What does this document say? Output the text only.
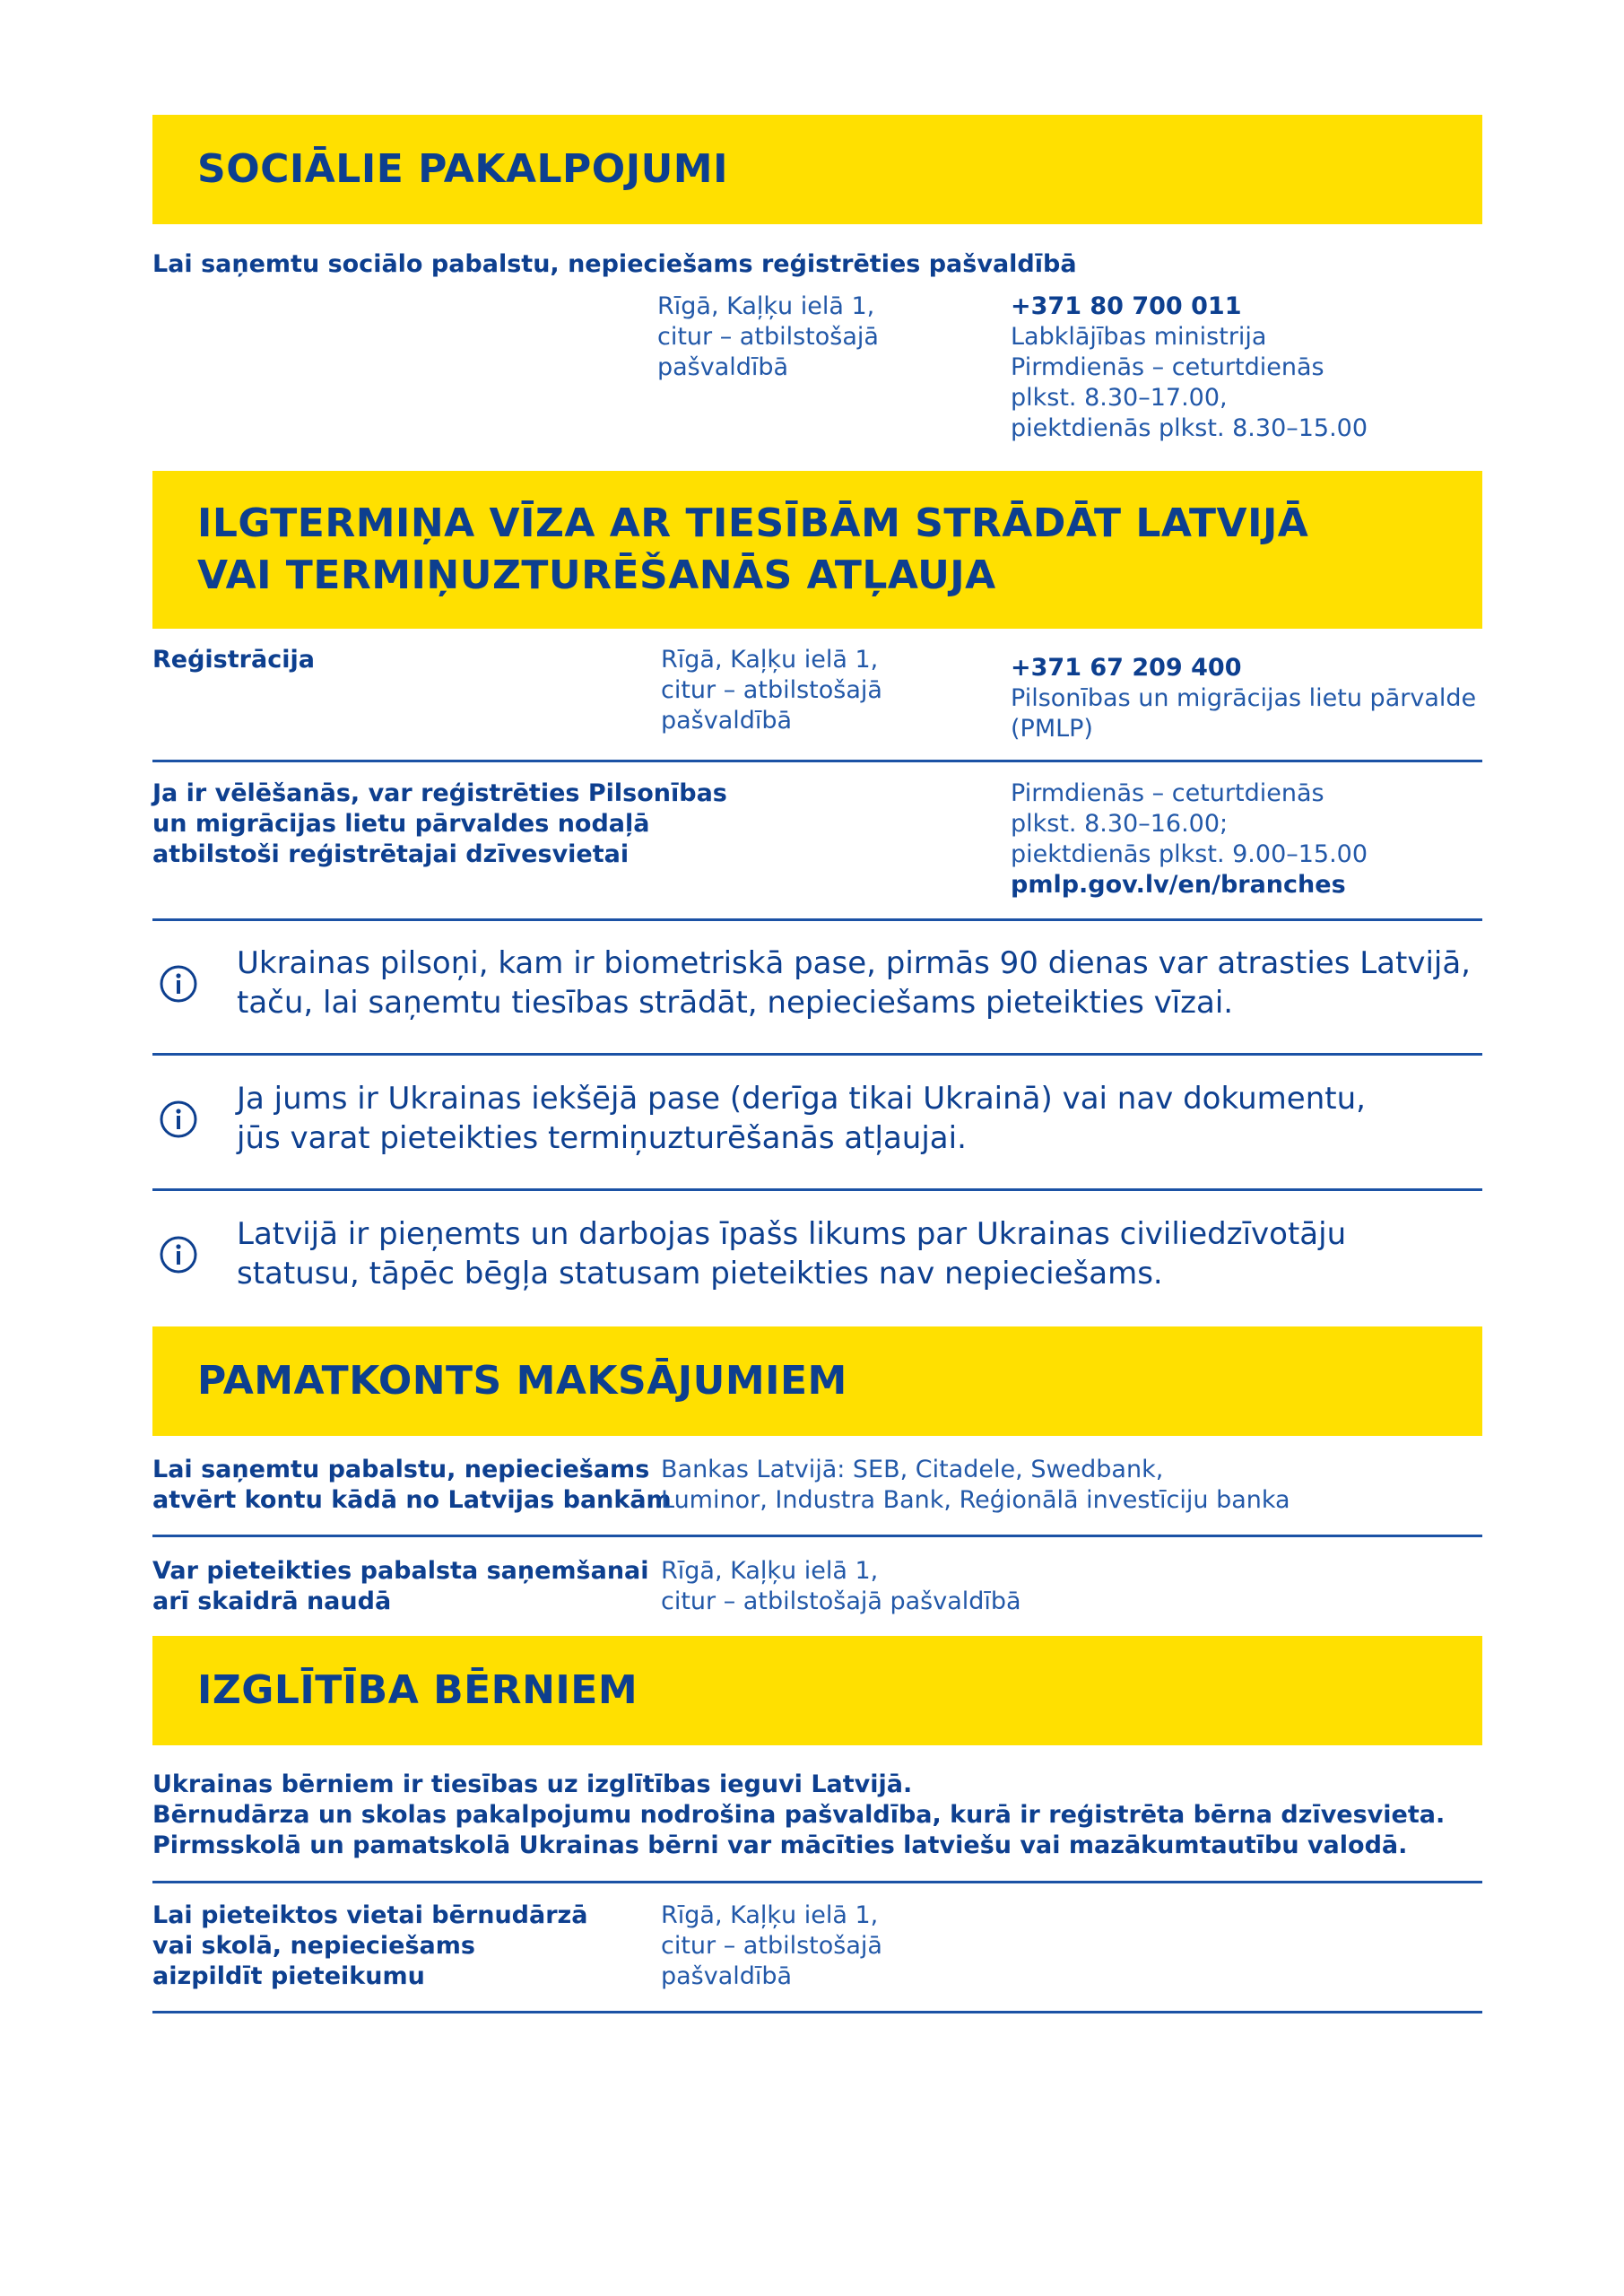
SOCIĀLIE PAKALPOJUMI
Lai saņemtu sociālo pabalstu, nepieciešams reģistrēties pašvaldībā
Rīgā, Kaļķu ielā 1,
citur – atbilstošajā
pašvaldībā
+371 80 700 011
Labklājības ministrija
Pirmdienās – ceturtdienās
plkst. 8.30–17.00,
piektdienās plkst. 8.30–15.00
ILGTERMIŅA VĪZA AR TIESĪBĀM STRĀDĀT LATVIJĀ
VAI TERMIŅUZTURĒŠANĀS ATĻAUJA
Reģistrācija	Rīgā, Kaļķu ielā 1,
citur – atbilstošajā
pašvaldībā
+371 67 209 400
Pilsonības un migrācijas lietu pārvalde
(PMLP)
Ja ir vēlēšanās, var reģistrēties Pilsonības
un migrācijas lietu pārvaldes nodaļā
atbilstoši reģistrētajai dzīvesvietai
Pirmdienās – ceturtdienās
plkst. 8.30–16.00;
piektdienās plkst. 9.00–15.00
pmlp.gov.lv/en/branches
Ukrainas pilsoņi, kam ir biometriskā pase, pirmās 90 dienas var atrasties Latvijā,
taču, lai saņemtu tiesības strādāt, nepieciešams pieteikties vīzai.
Ja jums ir Ukrainas iekšējā pase (derīga tikai Ukrainā) vai nav dokumentu,
jūs varat pieteikties termiņuzturēšanās atļaujai.
Latvijā ir pieņemts un darbojas īpašs likums par Ukrainas civiliedzīvotāju
statusu, tāpēc bēgļa statusam pieteikties nav nepieciešams.
PAMATKONTS MAKSĀJUMIEM
Lai saņemtu pabalstu, nepieciešams
atvērt kontu kādā no Latvijas bankām
Bankas Latvijā: SEB, Citadele, Swedbank,
Luminor, Industra Bank, Reģionālā investīciju banka
Var pieteikties pabalsta saņemšanai
arī skaidrā naudā
Rīgā, Kaļķu ielā 1,
citur – atbilstošajā pašvaldībā
IZGLĪTĪBA BĒRNIEM
Ukrainas bērniem ir tiesības uz izglītības ieguvi Latvijā.
Bērnudārza un skolas pakalpojumu nodrošina pašvaldība, kurā ir reģistrēta bērna dzīvesvieta.
Pirmsskolā un pamatskolā Ukrainas bērni var mācīties latviešu vai mazākumtautību valodā.
Lai pieteiktos vietai bērnudārzā
vai skolā, nepieciešams
aizpildīt pieteikumu
Rīgā, Kaļķu ielā 1,
citur – atbilstošajā
pašvaldībā
